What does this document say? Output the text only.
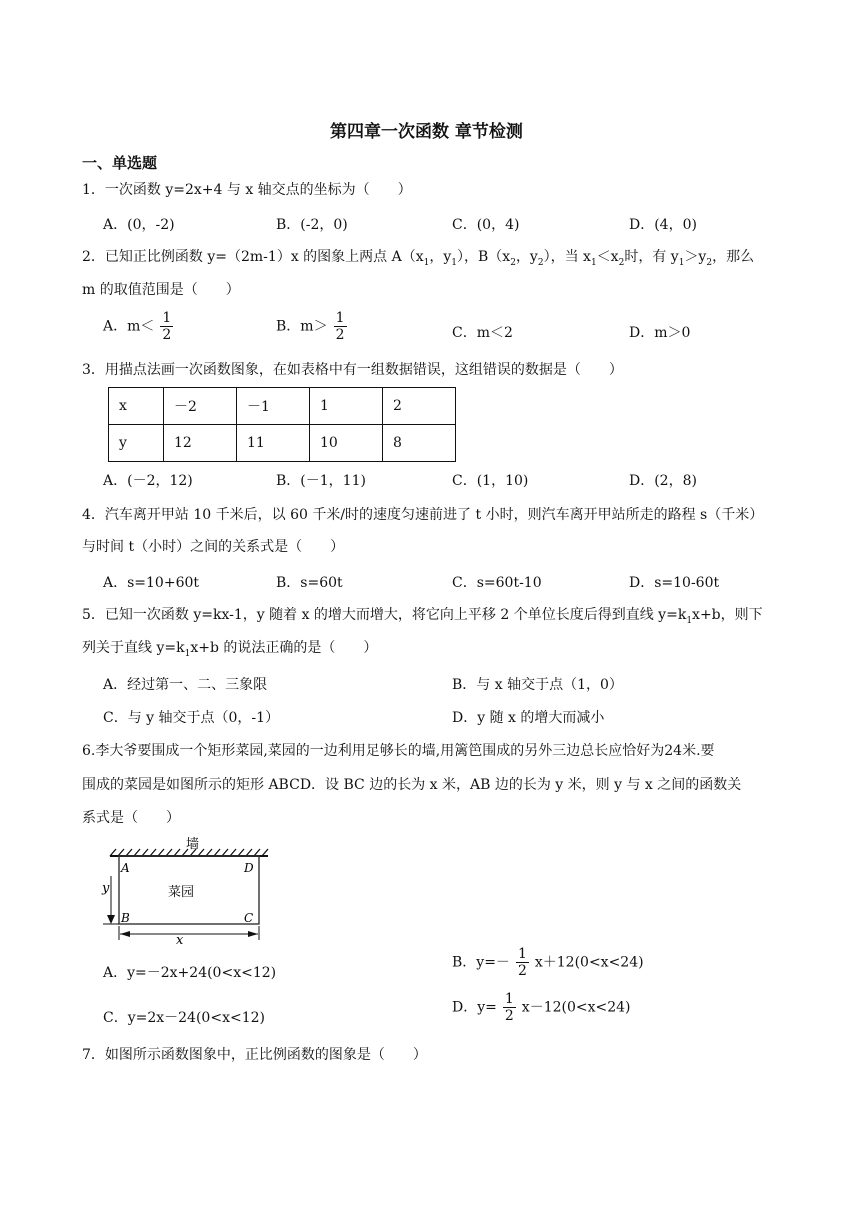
第四章一次函数 章节检测
一、单选题
1．一次函数 y=2x+4 与 x 轴交点的坐标为（　　）
A．(0，-2)	B．(-2，0)	C．(0，4)	D．(4，0)
2．已知正比例函数 y=（2m-1）x 的图象上两点 $A(x_1$，$y_1$），$B(x_2$，$y_2$），当 $x_1<x_2$时，有 $y_1>y_2$，那么
m 的取值范围是（　　）
A．$m< \frac{1}{2}$	B．$m> \frac{1}{2}$	C．m＜2	D．m＞0
3．用描点法画一次函数图象，在如表格中有一组数据错误，这组错误的数据是（　　）
x	－2	－1	1	2
y	12	11	10	8
A．(－2，12)	B．(－1，11)	C．(1，10)	D．(2，8)
4．汽车离开甲站 10 千米后，以 60 千米/时的速度匀速前进了 t 小时，则汽车离开甲站所走的路程 s（千米）
与时间 t（小时）之间的关系式是（　　）
A．s=10+60t	B．s=60t	C．s=60t-10	D．s=10-60t
5．已知一次函数 y=kx-1，y 随着 x 的增大而增大，将它向上平移 2 个单位长度后得到直线 $y=k_1x+b$，则下
列关于直线 $y=k_1x+b$ 的说法正确的是（　　）
A．经过第一、二、三象限	B．与 x 轴交于点（1，0）
C．与 y 轴交于点（0，-1）	D．y 随 x 的增大而减小
6.李大爷要围成一个矩形菜园,菜园的一边利用足够长的墙,用篱笆围成的另外三边总长应恰好为24米.要
围成的菜园是如图所示的矩形 ABCD．设 BC 边的长为 x 米，AB 边的长为 y 米，则 y 与 x 之间的函数关
系式是（　　）
墙
菜园
A	D
B	C
y
x
A．y=－2x+24(0<x<12)
B．$y=- \frac{1}{2} x+12(0<x<24)$
C．y=2x－24(0<x<12)
D．$y= \frac{1}{2} x-12(0<x<24)$
7．如图所示函数图象中，正比例函数的图象是（　　）
